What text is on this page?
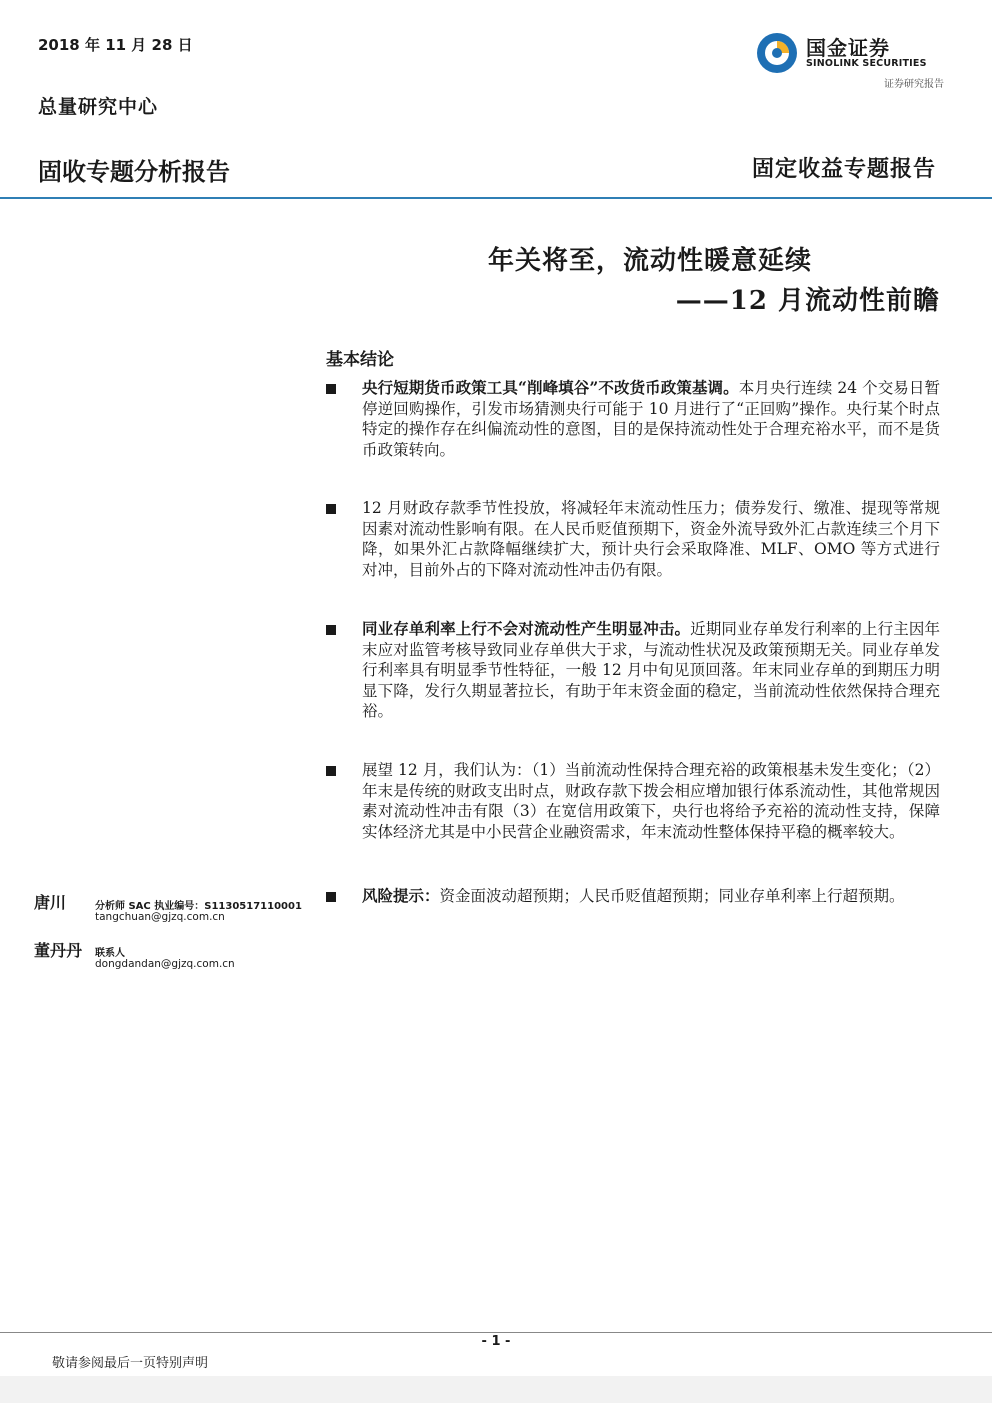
2018 年 11 月 28 日
总量研究中心
国金证券
SINOLINK SECURITIES
证券研究报告
固收专题分析报告	固定收益专题报告
年关将至，流动性暖意延续
——12 月流动性前瞻
基本结论
央行短期货币政策工具“削峰填谷”不改货币政策基调。本月央行连续 24 个交易日暂停逆回购操作，引发市场猜测央行可能于 10 月进行了“正回购”操作。央行某个时点特定的操作存在纠偏流动性的意图，目的是保持流动性处于合理充裕水平，而不是货币政策转向。
12 月财政存款季节性投放，将减轻年末流动性压力；债券发行、缴准、提现等常规因素对流动性影响有限。在人民币贬值预期下，资金外流导致外汇占款连续三个月下降，如果外汇占款降幅继续扩大，预计央行会采取降准、MLF、OMO 等方式进行对冲，目前外占的下降对流动性冲击仍有限。
同业存单利率上行不会对流动性产生明显冲击。近期同业存单发行利率的上行主因年末应对监管考核导致同业存单供大于求，与流动性状况及政策预期无关。同业存单发行利率具有明显季节性特征，一般 12 月中旬见顶回落。年末同业存单的到期压力明显下降，发行久期显著拉长，有助于年末资金面的稳定，当前流动性依然保持合理充裕。
展望 12 月，我们认为：（1）当前流动性保持合理充裕的政策根基未发生变化；（2）年末是传统的财政支出时点，财政存款下拨会相应增加银行体系流动性，其他常规因素对流动性冲击有限（3）在宽信用政策下，央行也将给予充裕的流动性支持，保障实体经济尤其是中小民营企业融资需求，年末流动性整体保持平稳的概率较大。
风险提示：资金面波动超预期；人民币贬值超预期；同业存单利率上行超预期。
唐川	分析师 SAC 执业编号：S1130517110001
tangchuan@gjzq.com.cn
董丹丹 联系人
dongdandan@gjzq.com.cn
- 1 -
敬请参阅最后一页特别声明
